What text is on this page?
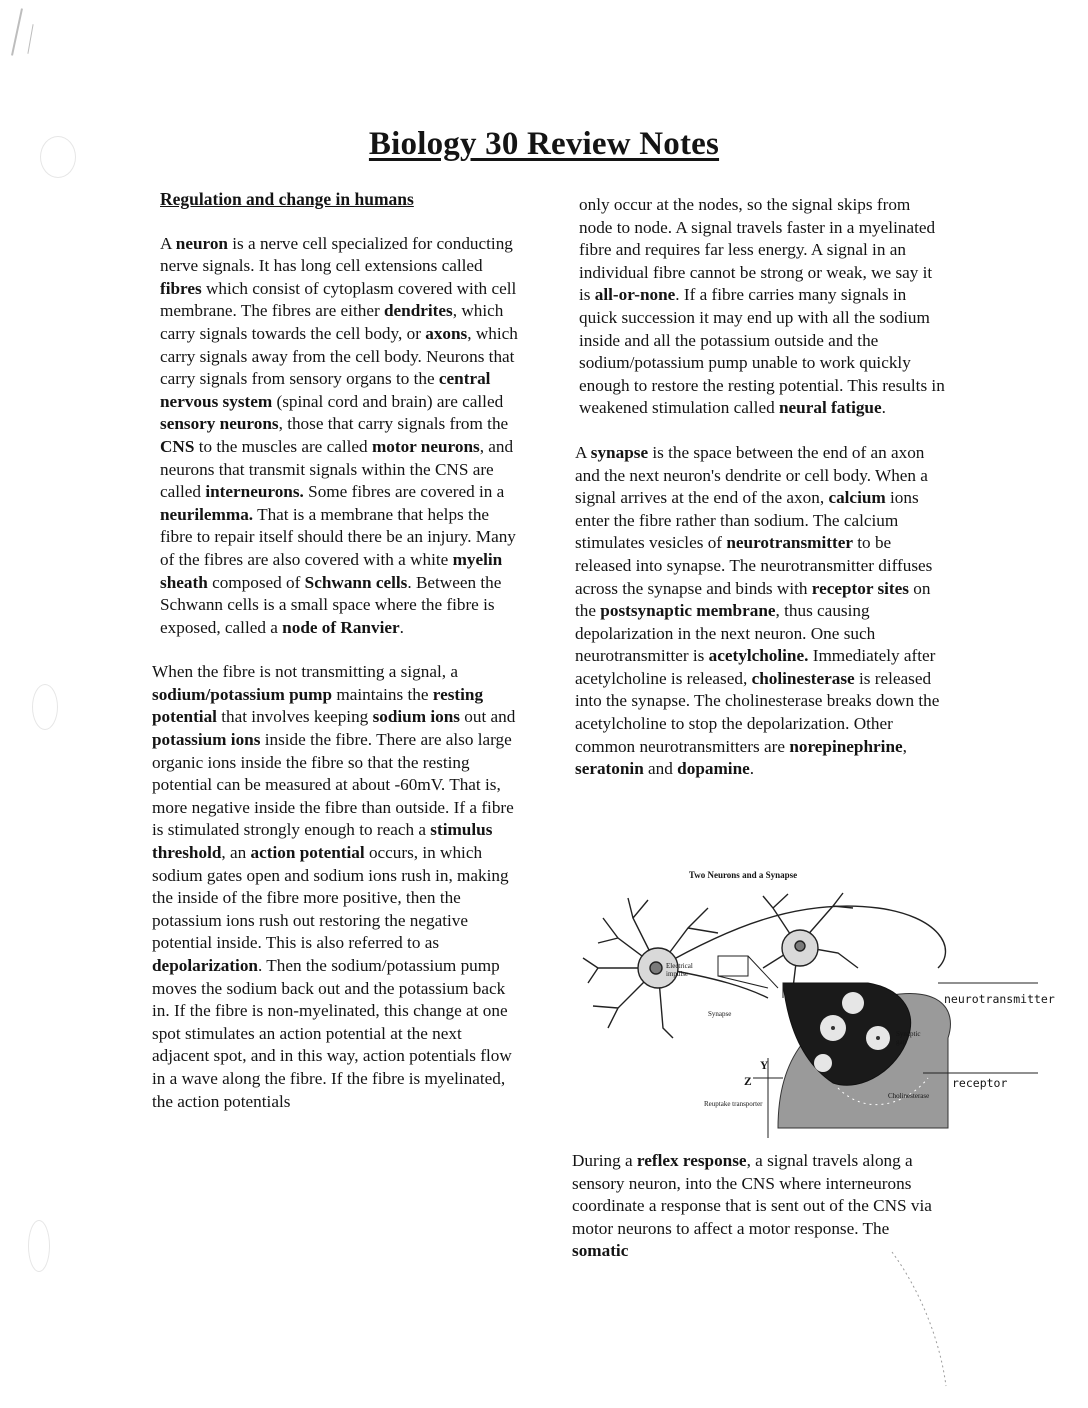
Biology 30 Review Notes

Regulation and change in humans

A neuron is a nerve cell specialized for conducting nerve signals. It has long cell extensions called fibres which consist of cytoplasm covered with cell membrane. The fibres are either dendrites, which carry signals towards the cell body, or axons, which carry signals away from the cell body. Neurons that carry signals from sensory organs to the central nervous system (spinal cord and brain) are called sensory neurons, those that carry signals from the CNS to the muscles are called motor neurons, and neurons that transmit signals within the CNS are called interneurons. Some fibres are covered in a neurilemma. That is a membrane that helps the fibre to repair itself should there be an injury. Many of the fibres are also covered with a white myelin sheath composed of Schwann cells. Between the Schwann cells is a small space where the fibre is exposed, called a node of Ranvier.

When the fibre is not transmitting a signal, a sodium/potassium pump maintains the resting potential that involves keeping sodium ions out and potassium ions inside the fibre. There are also large organic ions inside the fibre so that the resting potential can be measured at about -60mV. That is, more negative inside the fibre than outside. If a fibre is stimulated strongly enough to reach a stimulus threshold, an action potential occurs, in which sodium gates open and sodium ions rush in, making the inside of the fibre more positive, then the potassium ions rush out restoring the negative potential inside. This is also referred to as depolarization. Then the sodium/potassium pump moves the sodium back out and the potassium back in. If the fibre is non-myelinated, this change at one spot stimulates an action potential at the next adjacent spot, and in this way, action potentials flow in a wave along the fibre. If the fibre is myelinated, the action potentials

only occur at the nodes, so the signal skips from node to node. A signal travels faster in a myelinated fibre and requires far less energy. A signal in an individual fibre cannot be strong or weak, we say it is all-or-none. If a fibre carries many signals in quick succession it may end up with all the sodium inside and all the potassium outside and the sodium/potassium pump unable to work quickly enough to restore the resting potential. This results in weakened stimulation called neural fatigue.

A synapse is the space between the end of an axon and the next neuron's dendrite or cell body. When a signal arrives at the end of the axon, calcium ions enter the fibre rather than sodium. The calcium stimulates vesicles of neurotransmitter to be released into synapse. The neurotransmitter diffuses across the synapse and binds with receptor sites on the postsynaptic membrane, thus causing depolarization in the next neuron. One such neurotransmitter is acetylcholine. Immediately after acetylcholine is released, cholinesterase is released into the synapse. The cholinesterase breaks down the acetylcholine to stop the depolarization. Other common neurotransmitters are norepinephrine, seratonin and dopamine.

Two Neurons and a Synapse
neurotransmitter
receptor
Z
Y
Electrical impulse
Synapse
Synaptic gap
Cholinesterase
Reuptake transporter

During a reflex response, a signal travels along a sensory neuron, into the CNS where interneurons coordinate a response that is sent out of the CNS via motor neurons to affect a motor response. The somatic
